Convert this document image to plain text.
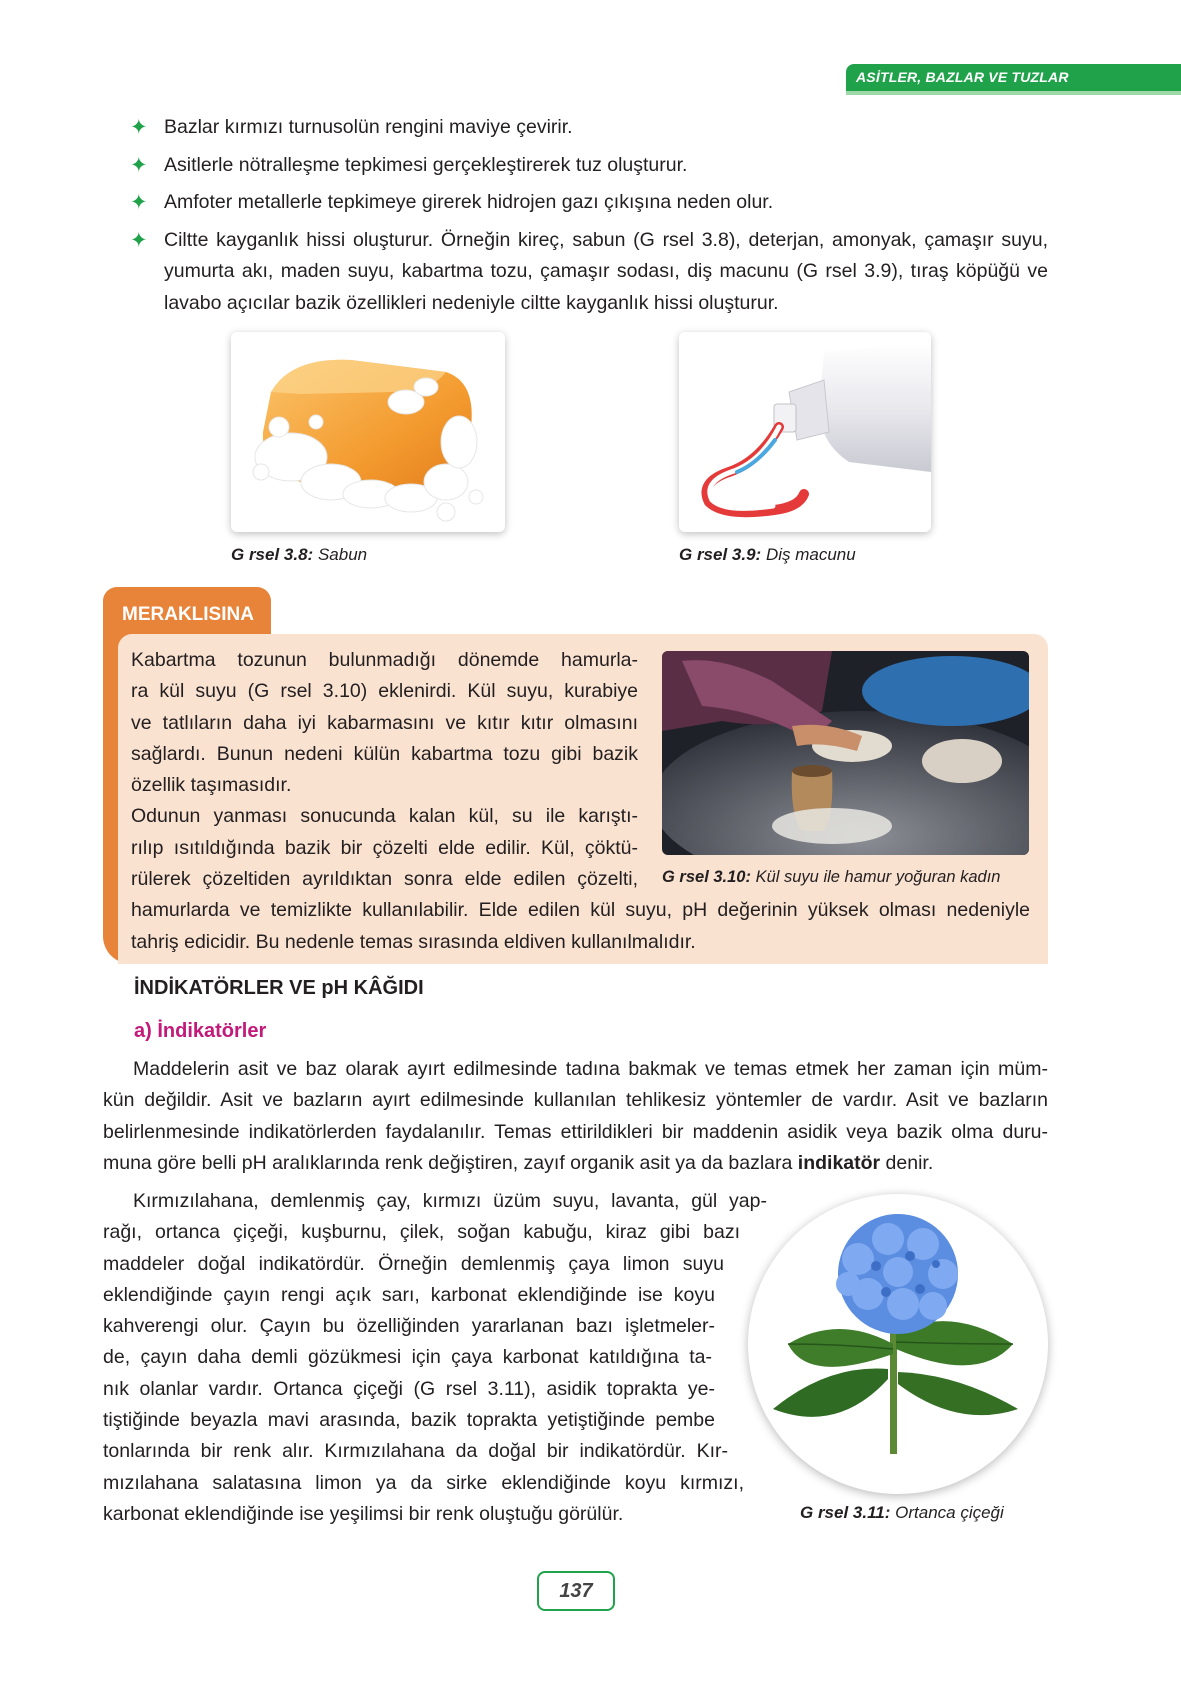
ASİTLER, BAZLAR VE TUZLAR
✦ Bazlar kırmızı turnusolün rengini maviye çevirir.
✦ Asitlerle nötralleşme tepkimesi gerçekleştirerek tuz oluşturur.
✦ Amfoter metallerle tepkimeye girerek hidrojen gazı çıkışına neden olur.
✦ Ciltte kayganlık hissi oluşturur. Örneğin kireç, sabun (G rsel 3.8), deterjan, amonyak, çamaşır suyu, yumurta akı, maden suyu, kabartma tozu, çamaşır sodası, diş macunu (G rsel 3.9), tıraş köpüğü ve lavabo açıcılar bazik özellikleri nedeniyle ciltte kayganlık hissi oluşturur.
G rsel 3.8: Sabun	G rsel 3.9: Diş macunu
MERAKLISINA
Kabartma tozunun bulunmadığı dönemde hamurla-
ra kül suyu (G rsel 3.10) eklenirdi. Kül suyu, kurabiye
ve tatlıların daha iyi kabarmasını ve kıtır kıtır olmasını
sağlardı. Bunun nedeni külün kabartma tozu gibi bazik
özellik taşımasıdır.
Odunun yanması sonucunda kalan kül, su ile karıştı-
rılıp ısıtıldığında bazik bir çözelti elde edilir. Kül, çöktü-
rülerek çözeltiden ayrıldıktan sonra elde edilen çözelti,
hamurlarda ve temizlikte kullanılabilir. Elde edilen kül suyu, pH değerinin yüksek olması nedeniyle
tahriş edicidir. Bu nedenle temas sırasında eldiven kullanılmalıdır.
G rsel 3.10: Kül suyu ile hamur yoğuran kadın
İNDİKATÖRLER VE pH KÂĞIDI
a) İndikatörler
Maddelerin asit ve baz olarak ayırt edilmesinde tadına bakmak ve temas etmek her zaman için müm-
kün değildir. Asit ve bazların ayırt edilmesinde kullanılan tehlikesiz yöntemler de vardır. Asit ve bazların
belirlenmesinde indikatörlerden faydalanılır. Temas ettirildikleri bir maddenin asidik veya bazik olma duru-
muna göre belli pH aralıklarında renk değiştiren, zayıf organik asit ya da bazlara indikatör denir.
Kırmızılahana, demlenmiş çay, kırmızı üzüm suyu, lavanta, gül yap-
rağı, ortanca çiçeği, kuşburnu, çilek, soğan kabuğu, kiraz gibi bazı
maddeler doğal indikatördür. Örneğin demlenmiş çaya limon suyu
eklendiğinde çayın rengi açık sarı, karbonat eklendiğinde ise koyu
kahverengi olur. Çayın bu özelliğinden yararlanan bazı işletmeler-
de, çayın daha demli gözükmesi için çaya karbonat katıldığına ta-
nık olanlar vardır. Ortanca çiçeği (G rsel 3.11), asidik toprakta ye-
tiştiğinde beyazla mavi arasında, bazik toprakta yetiştiğinde pembe
tonlarında bir renk alır. Kırmızılahana da doğal bir indikatördür. Kır-
mızılahana salatasına limon ya da sirke eklendiğinde koyu kırmızı,
karbonat eklendiğinde ise yeşilimsi bir renk oluştuğu görülür.	G rsel 3.11: Ortanca çiçeği
137
